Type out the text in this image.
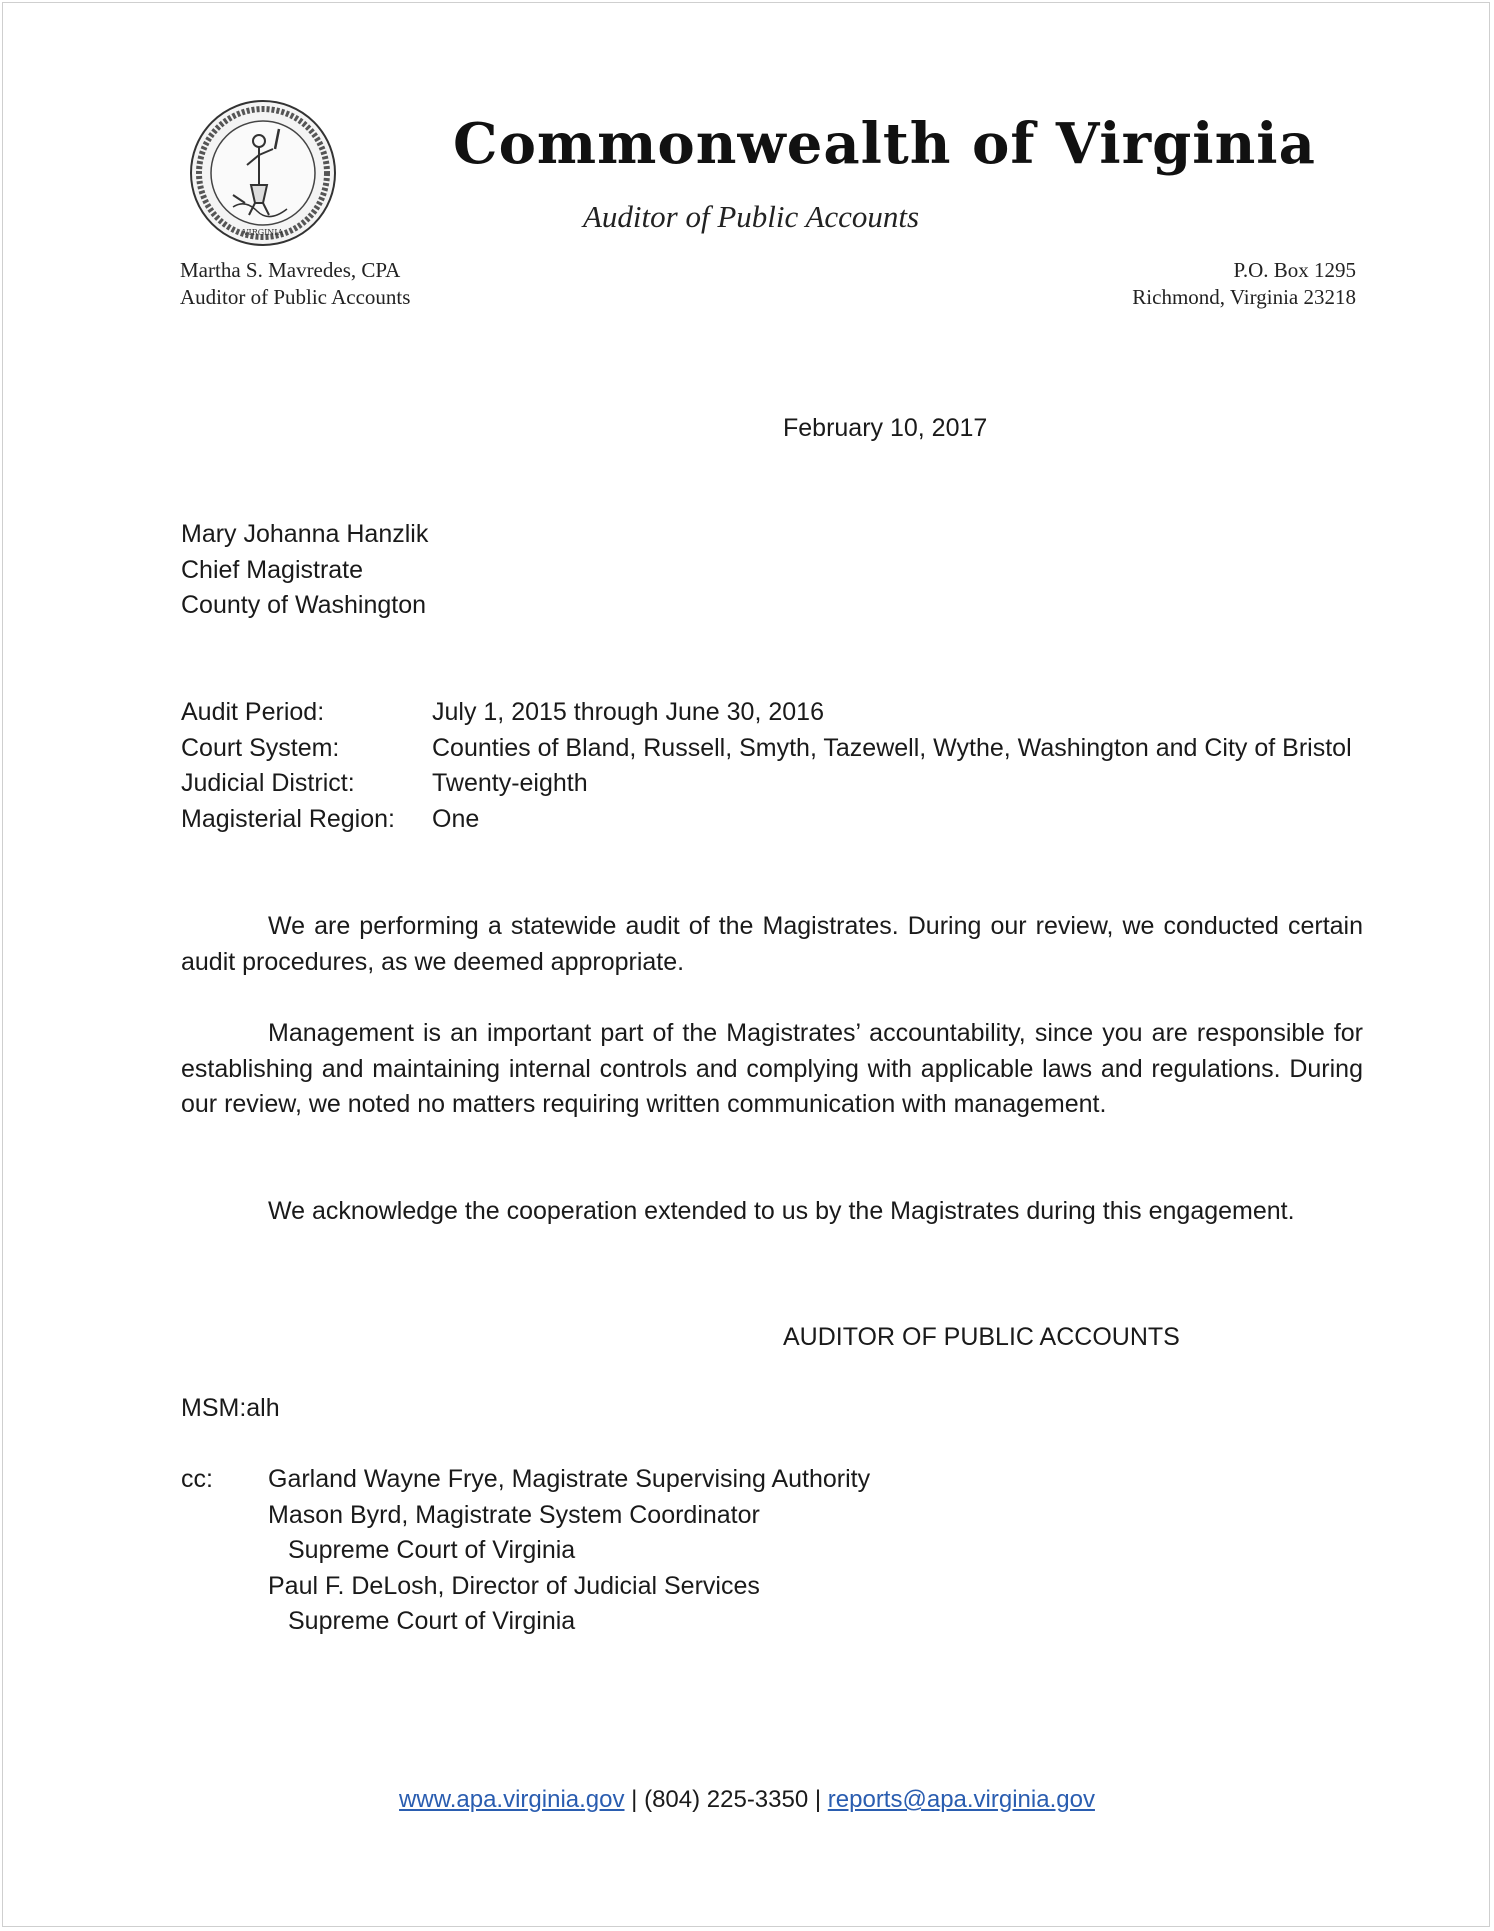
VIRGINIA
Commonwealth of Virginia
Auditor of Public Accounts
Martha S. Mavredes, CPA
Auditor of Public Accounts
P.O. Box 1295
Richmond, Virginia 23218
February 10, 2017
Mary Johanna Hanzlik
Chief Magistrate
County of Washington
Audit Period:	July 1, 2015 through June 30, 2016
Court System:	Counties of Bland, Russell, Smyth, Tazewell, Wythe, Washington and City of Bristol
Judicial District:	Twenty-eighth
Magisterial Region: One
We are performing a statewide audit of the Magistrates. During our review, we conducted certain audit procedures, as we deemed appropriate.
Management is an important part of the Magistrates’ accountability, since you are responsible for establishing and maintaining internal controls and complying with applicable laws and regulations. During our review, we noted no matters requiring written communication with management.
We acknowledge the cooperation extended to us by the Magistrates during this engagement.
AUDITOR OF PUBLIC ACCOUNTS
MSM:alh
cc: Garland Wayne Frye, Magistrate Supervising Authority
Mason Byrd, Magistrate System Coordinator
Supreme Court of Virginia
Paul F. DeLosh, Director of Judicial Services
Supreme Court of Virginia
www.apa.virginia.gov | (804) 225-3350 | reports@apa.virginia.gov
